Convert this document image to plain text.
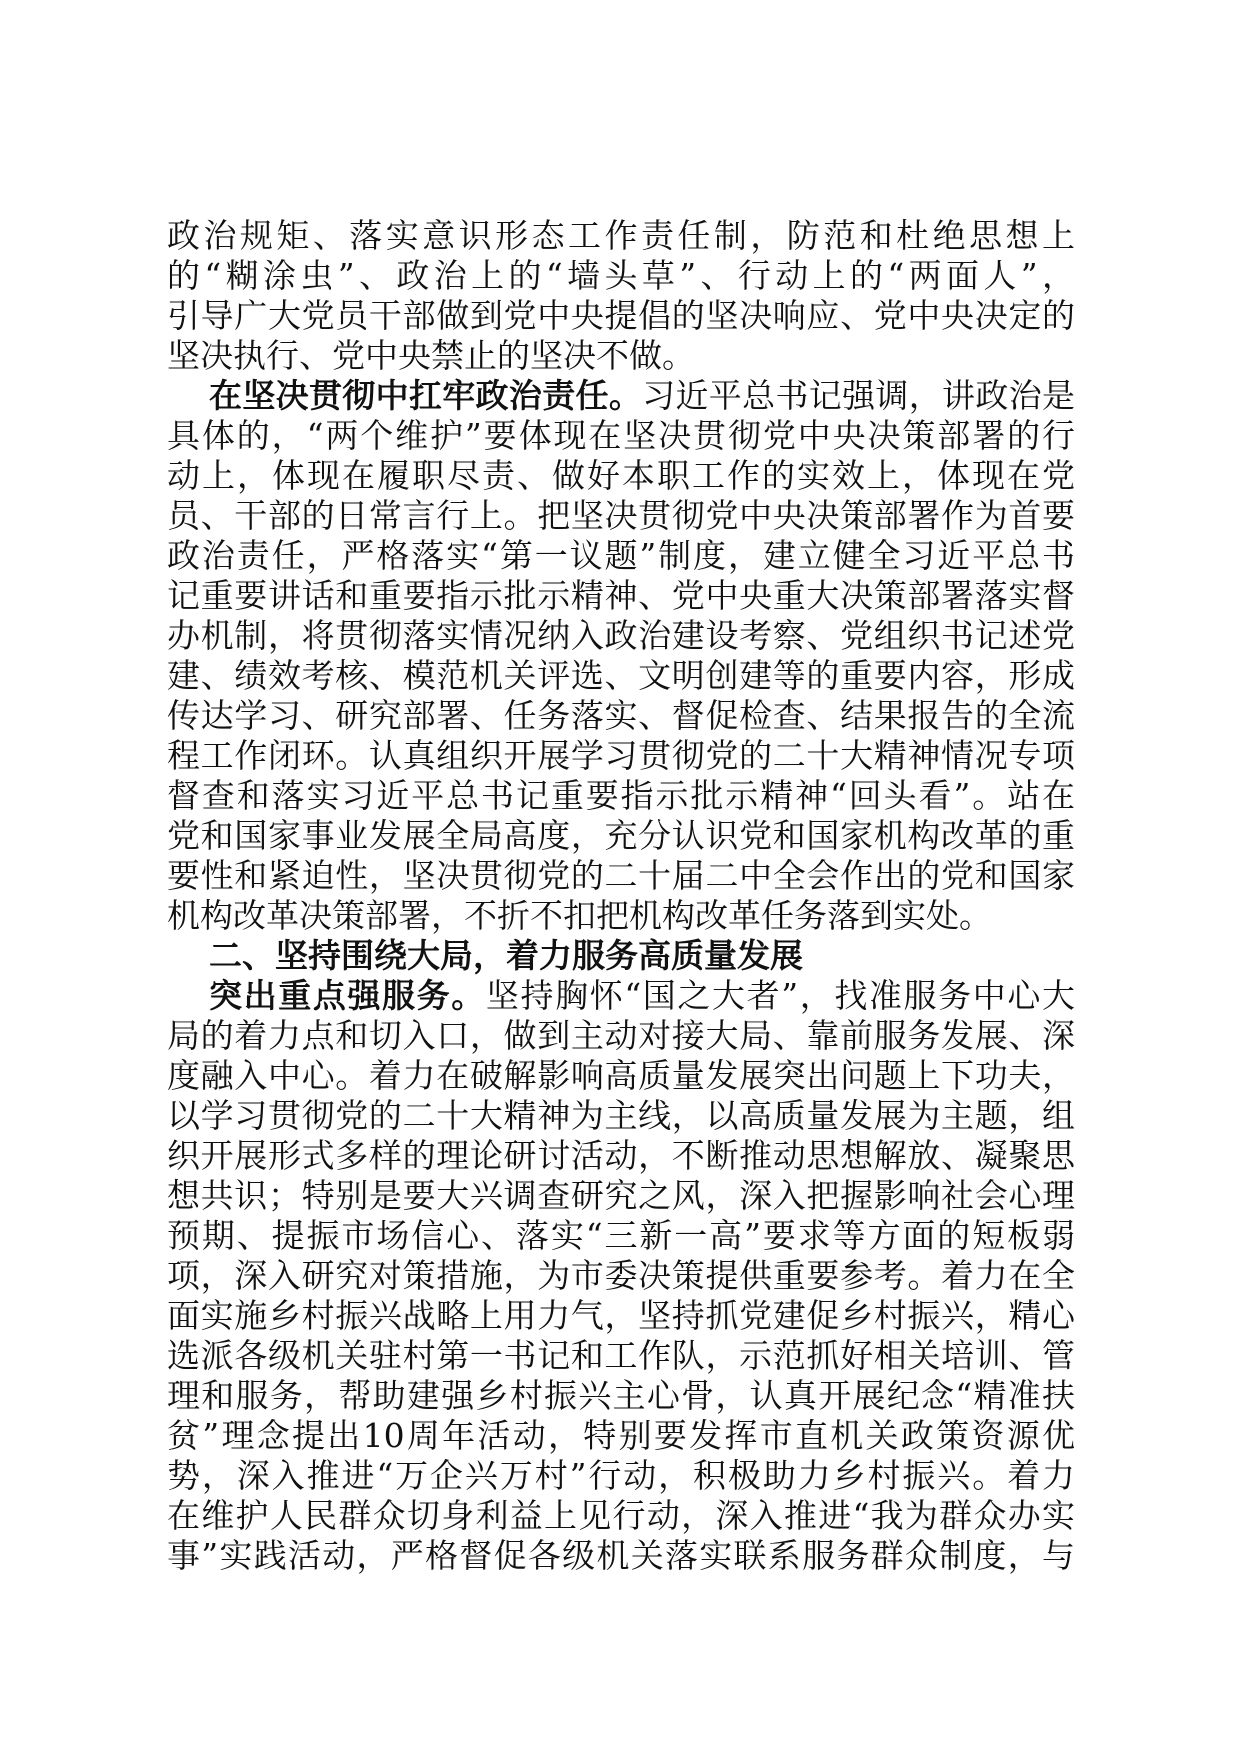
政治规矩、落实意识形态工作责任制，防范和杜绝思想上
的“糊涂虫”、政治上的“墙头草”、行动上的“两面人”，
引导广大党员干部做到党中央提倡的坚决响应、党中央决定的
坚决执行、党中央禁止的坚决不做。
在坚决贯彻中扛牢政治责任。习近平总书记强调，讲政治是
具体的，“两个维护”要体现在坚决贯彻党中央决策部署的行
动上，体现在履职尽责、做好本职工作的实效上，体现在党
员、干部的日常言行上。把坚决贯彻党中央决策部署作为首要
政治责任，严格落实“第一议题”制度，建立健全习近平总书
记重要讲话和重要指示批示精神、党中央重大决策部署落实督
办机制，将贯彻落实情况纳入政治建设考察、党组织书记述党
建、绩效考核、模范机关评选、文明创建等的重要内容，形成
传达学习、研究部署、任务落实、督促检查、结果报告的全流
程工作闭环。认真组织开展学习贯彻党的二十大精神情况专项
督查和落实习近平总书记重要指示批示精神“回头看”。站在
党和国家事业发展全局高度，充分认识党和国家机构改革的重
要性和紧迫性，坚决贯彻党的二十届二中全会作出的党和国家
机构改革决策部署，不折不扣把机构改革任务落到实处。
二、坚持围绕大局，着力服务高质量发展
突出重点强服务。坚持胸怀“国之大者”，找准服务中心大
局的着力点和切入口，做到主动对接大局、靠前服务发展、深
度融入中心。着力在破解影响高质量发展突出问题上下功夫，
以学习贯彻党的二十大精神为主线，以高质量发展为主题，组
织开展形式多样的理论研讨活动，不断推动思想解放、凝聚思
想共识；特别是要大兴调查研究之风，深入把握影响社会心理
预期、提振市场信心、落实“三新一高”要求等方面的短板弱
项，深入研究对策措施，为市委决策提供重要参考。着力在全
面实施乡村振兴战略上用力气，坚持抓党建促乡村振兴，精心
选派各级机关驻村第一书记和工作队，示范抓好相关培训、管
理和服务，帮助建强乡村振兴主心骨，认真开展纪念“精准扶
贫”理念提出10周年活动，特别要发挥市直机关政策资源优
势，深入推进“万企兴万村”行动，积极助力乡村振兴。着力
在维护人民群众切身利益上见行动，深入推进“我为群众办实
事”实践活动，严格督促各级机关落实联系服务群众制度，与
